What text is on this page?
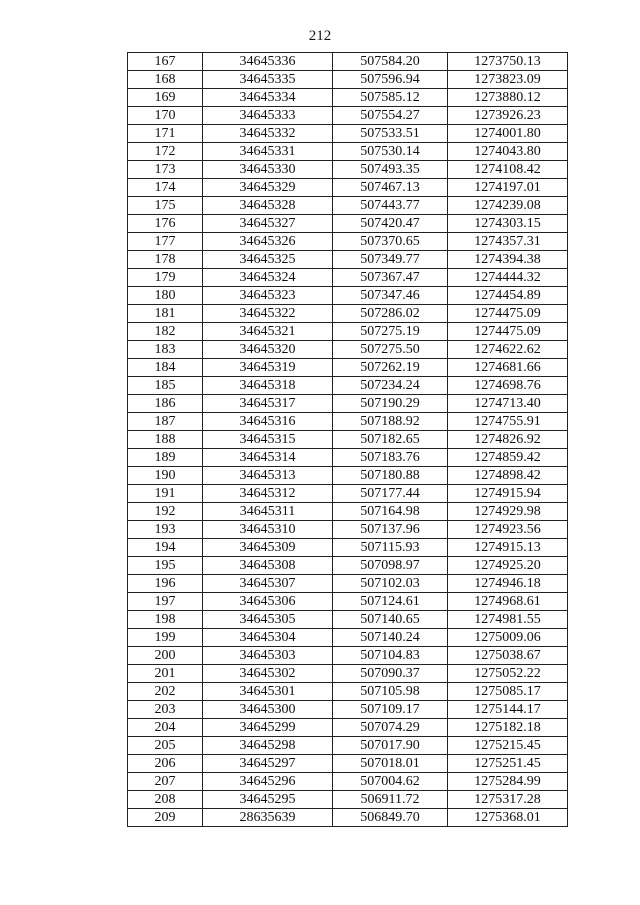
212
167	34645336	507584.20	1273750.13
168	34645335	507596.94	1273823.09
169	34645334	507585.12	1273880.12
170	34645333	507554.27	1273926.23
171	34645332	507533.51	1274001.80
172	34645331	507530.14	1274043.80
173	34645330	507493.35	1274108.42
174	34645329	507467.13	1274197.01
175	34645328	507443.77	1274239.08
176	34645327	507420.47	1274303.15
177	34645326	507370.65	1274357.31
178	34645325	507349.77	1274394.38
179	34645324	507367.47	1274444.32
180	34645323	507347.46	1274454.89
181	34645322	507286.02	1274475.09
182	34645321	507275.19	1274475.09
183	34645320	507275.50	1274622.62
184	34645319	507262.19	1274681.66
185	34645318	507234.24	1274698.76
186	34645317	507190.29	1274713.40
187	34645316	507188.92	1274755.91
188	34645315	507182.65	1274826.92
189	34645314	507183.76	1274859.42
190	34645313	507180.88	1274898.42
191	34645312	507177.44	1274915.94
192	34645311	507164.98	1274929.98
193	34645310	507137.96	1274923.56
194	34645309	507115.93	1274915.13
195	34645308	507098.97	1274925.20
196	34645307	507102.03	1274946.18
197	34645306	507124.61	1274968.61
198	34645305	507140.65	1274981.55
199	34645304	507140.24	1275009.06
200	34645303	507104.83	1275038.67
201	34645302	507090.37	1275052.22
202	34645301	507105.98	1275085.17
203	34645300	507109.17	1275144.17
204	34645299	507074.29	1275182.18
205	34645298	507017.90	1275215.45
206	34645297	507018.01	1275251.45
207	34645296	507004.62	1275284.99
208	34645295	506911.72	1275317.28
209	28635639	506849.70	1275368.01
